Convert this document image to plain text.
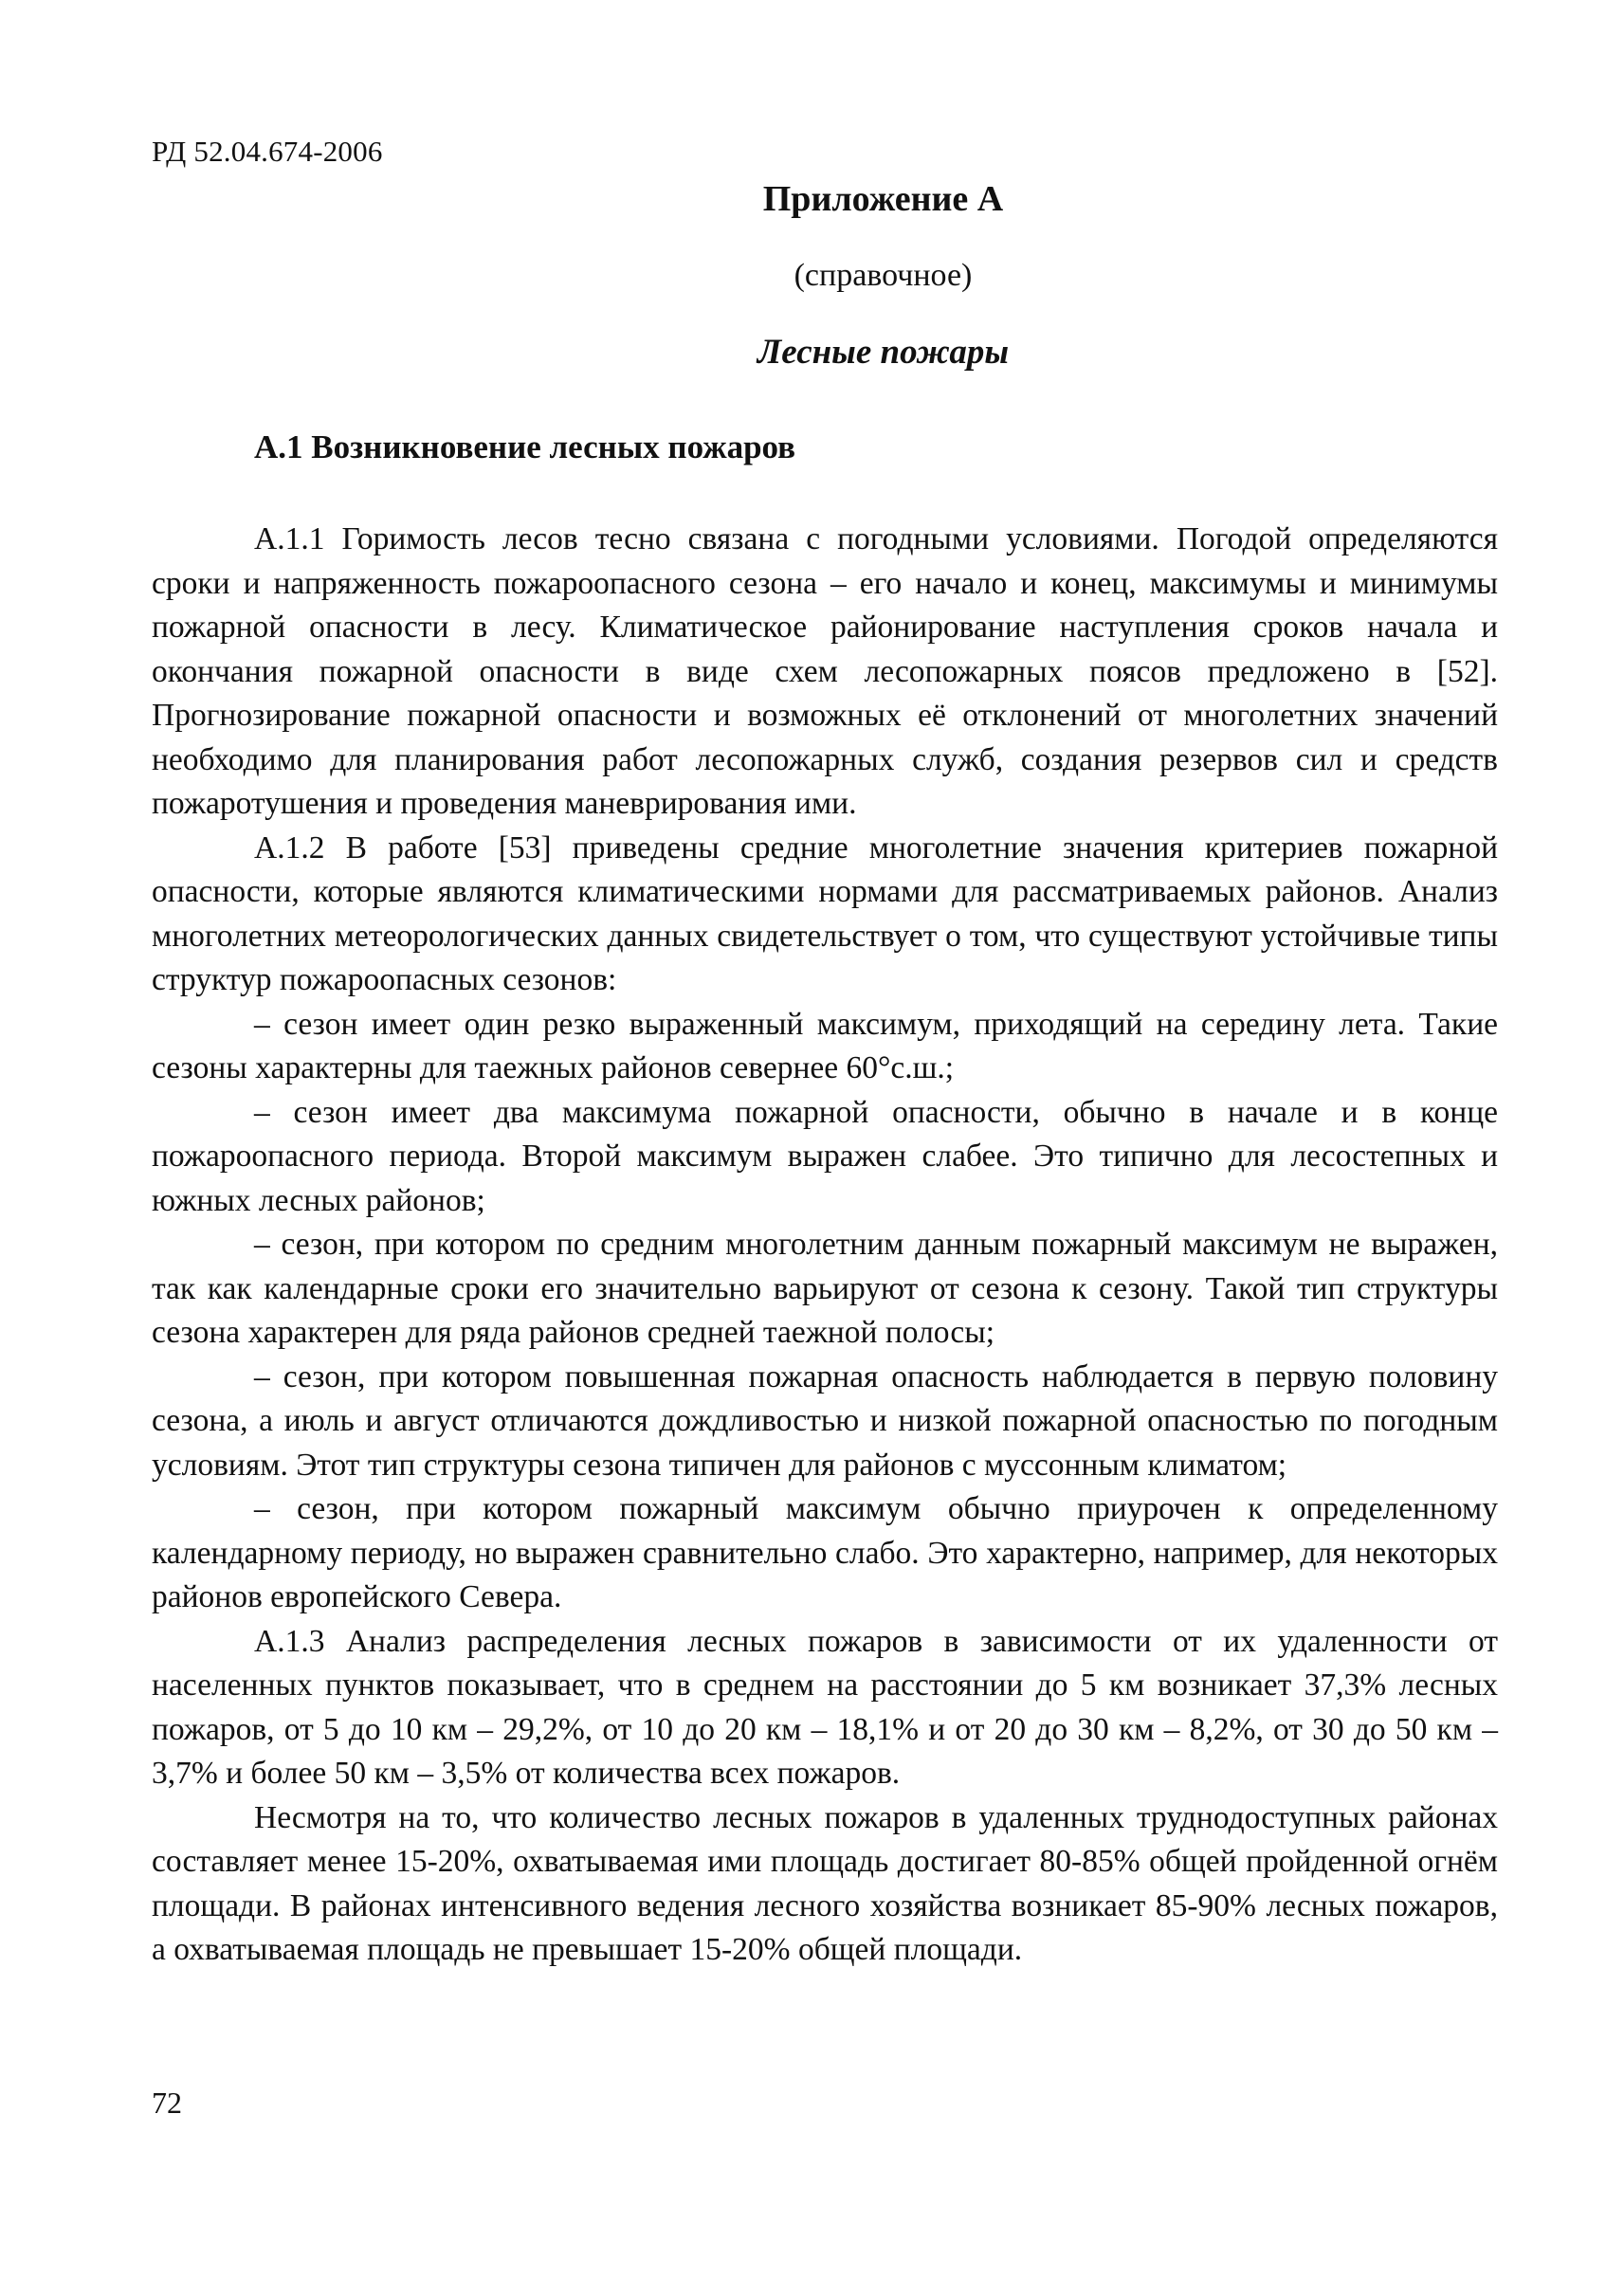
РД 52.04.674-2006
Приложение А
(справочное)
Лесные пожары
А.1 Возникновение лесных пожаров

А.1.1 Горимость лесов тесно связана с погодными условиями. Погодой определяются сроки и напряженность пожароопасного сезона – его начало и конец, максимумы и минимумы пожарной опасности в лесу. Климатическое районирование наступления сроков начала и окончания пожарной опасности в виде схем лесопожарных поясов предложено в [52]. Прогнозирование пожарной опасности и возможных её отклонений от многолетних значений необходимо для планирования работ лесопожарных служб, создания резервов сил и средств пожаротушения и проведения маневрирования ими.

А.1.2 В работе [53] приведены средние многолетние значения критериев пожарной опасности, которые являются климатическими нормами для рассматриваемых районов. Анализ многолетних метеорологических данных свидетельствует о том, что существуют устойчивые типы структур пожароопасных сезонов:

– сезон имеет один резко выраженный максимум, приходящий на середину лета. Такие сезоны характерны для таежных районов севернее 60°с.ш.;

– сезон имеет два максимума пожарной опасности, обычно в начале и в конце пожароопасного периода. Второй максимум выражен слабее. Это типично для лесостепных и южных лесных районов;

– сезон, при котором по средним многолетним данным пожарный максимум не выражен, так как календарные сроки его значительно варьируют от сезона к сезону. Такой тип структуры сезона характерен для ряда районов средней таежной полосы;

– сезон, при котором повышенная пожарная опасность наблюдается в первую половину сезона, а июль и август отличаются дождливостью и низкой пожарной опасностью по погодным условиям. Этот тип структуры сезона типичен для районов с муссонным климатом;

– сезон, при котором пожарный максимум обычно приурочен к определенному календарному периоду, но выражен сравнительно слабо. Это характерно, например, для некоторых районов европейского Севера.

А.1.3 Анализ распределения лесных пожаров в зависимости от их удаленности от населенных пунктов показывает, что в среднем на расстоянии до 5 км возникает 37,3% лесных пожаров, от 5 до 10 км – 29,2%, от 10 до 20 км – 18,1% и от 20 до 30 км – 8,2%, от 30 до 50 км – 3,7% и более 50 км – 3,5% от количества всех пожаров.

Несмотря на то, что количество лесных пожаров в удаленных труднодоступных районах составляет менее 15-20%, охватываемая ими площадь достигает 80-85% общей пройденной огнём площади. В районах интенсивного ведения лесного хозяйства возникает 85-90% лесных пожаров, а охватываемая площадь не превышает 15-20% общей площади.

72
